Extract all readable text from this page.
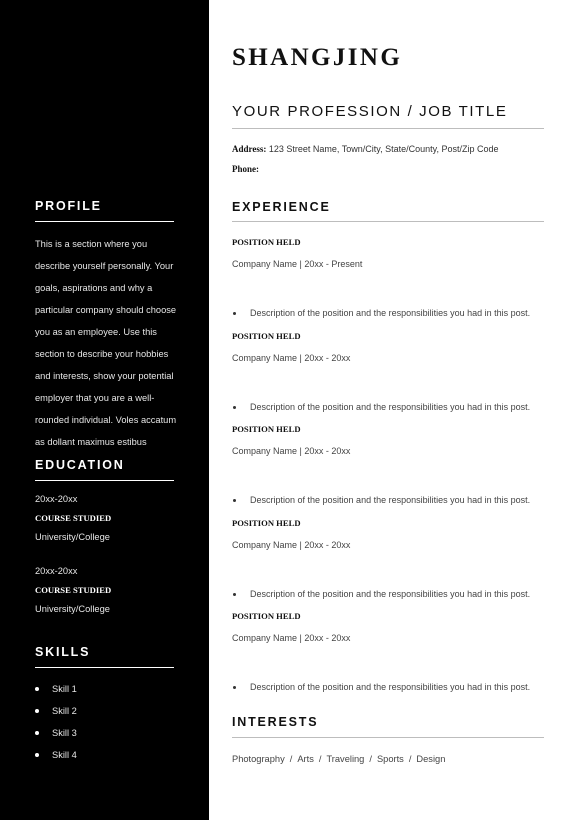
PROFILE
This is a section where you describe yourself personally. Your goals, aspirations and why a particular company should choose you as an employee. Use this section to describe your hobbies and interests, show your potential employer that you are a well-rounded individual. Voles accatum as dollant maximus estibus
EDUCATION
20xx-20xx
COURSE STUDIED
University/College
20xx-20xx
COURSE STUDIED
University/College
SKILLS
Skill 1
Skill 2
Skill 3
Skill 4
SHANGJING
YOUR PROFESSION / JOB TITLE
Address: 123 Street Name, Town/City, State/County, Post/Zip Code
Phone:
EXPERIENCE
POSITION HELD
Company Name | 20xx - Present
Description of the position and the responsibilities you had in this post.
POSITION HELD
Company Name | 20xx - 20xx
Description of the position and the responsibilities you had in this post.
POSITION HELD
Company Name | 20xx - 20xx
Description of the position and the responsibilities you had in this post.
POSITION HELD
Company Name | 20xx - 20xx
Description of the position and the responsibilities you had in this post.
POSITION HELD
Company Name | 20xx - 20xx
Description of the position and the responsibilities you had in this post.
INTERESTS
Photography / Arts / Traveling / Sports / Design
